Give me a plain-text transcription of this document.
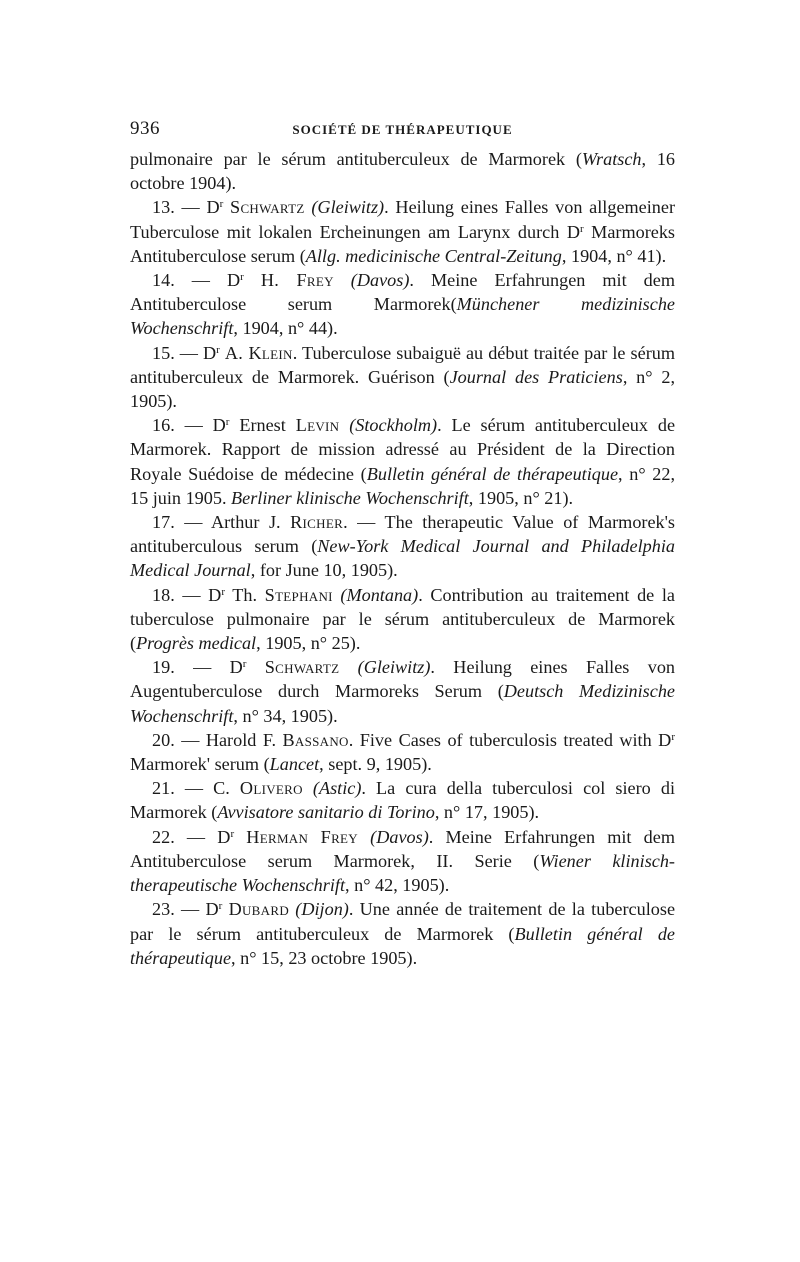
936	SOCIÉTÉ DE THÉRAPEUTIQUE

pulmonaire par le sérum antituberculeux de Marmorek (Wratsch, 16 octobre 1904).

13. — $D^r$ Schwartz (Gleiwitz). Heilung eines Falles von allgemeiner Tuberculose mit lokalen Ercheinungen am Larynx durch $D^r$ Marmoreks Antituberculose serum (Allg. medicinische Central-Zeitung, 1904, n° 41).

14. — $D^r$ H. Frey (Davos). Meine Erfahrungen mit dem Antituberculose serum Marmorek(Münchener medizinische Wochenschrift, 1904, n° 44).

15. — $D^r$ A. Klein. Tuberculose subaiguë au début traitée par le sérum antituberculeux de Marmorek. Guérison (Journal des Praticiens, n° 2, 1905).

16. — $D^r$ Ernest Levin (Stockholm). Le sérum antituberculeux de Marmorek. Rapport de mission adressé au Président de la Direction Royale Suédoise de médecine (Bulletin général de thérapeutique, n° 22, 15 juin 1905. Berliner klinische Wochenschrift, 1905, n° 21).

17. — Arthur J. Richer. — The therapeutic Value of Marmorek's antituberculous serum (New-York Medical Journal and Philadelphia Medical Journal, for June 10, 1905).

18. — $D^r$ Th. Stephani (Montana). Contribution au traitement de la tuberculose pulmonaire par le sérum antituberculeux de Marmorek (Progrès medical, 1905, n° 25).

19. — $D^r$ Schwartz (Gleiwitz). Heilung eines Falles von Augentuberculose durch Marmoreks Serum (Deutsch Medizinische Wochenschrift, n° 34, 1905).

20. — Harold F. Bassano. Five Cases of tuberculosis treated with $D^r$ Marmorek' serum (Lancet, sept. 9, 1905).

21. — C. Olivero (Astic). La cura della tuberculosi col siero di Marmorek (Avvisatore sanitario di Torino, n° 17, 1905).

22. — $D^r$ Herman Frey (Davos). Meine Erfahrungen mit dem Antituberculose serum Marmorek, II. Serie (Wiener klinisch-therapeutische Wochenschrift, n° 42, 1905).

23. — $D^r$ Dubard (Dijon). Une année de traitement de la tuberculose par le sérum antituberculeux de Marmorek (Bulletin général de thérapeutique, n° 15, 23 octobre 1905).
